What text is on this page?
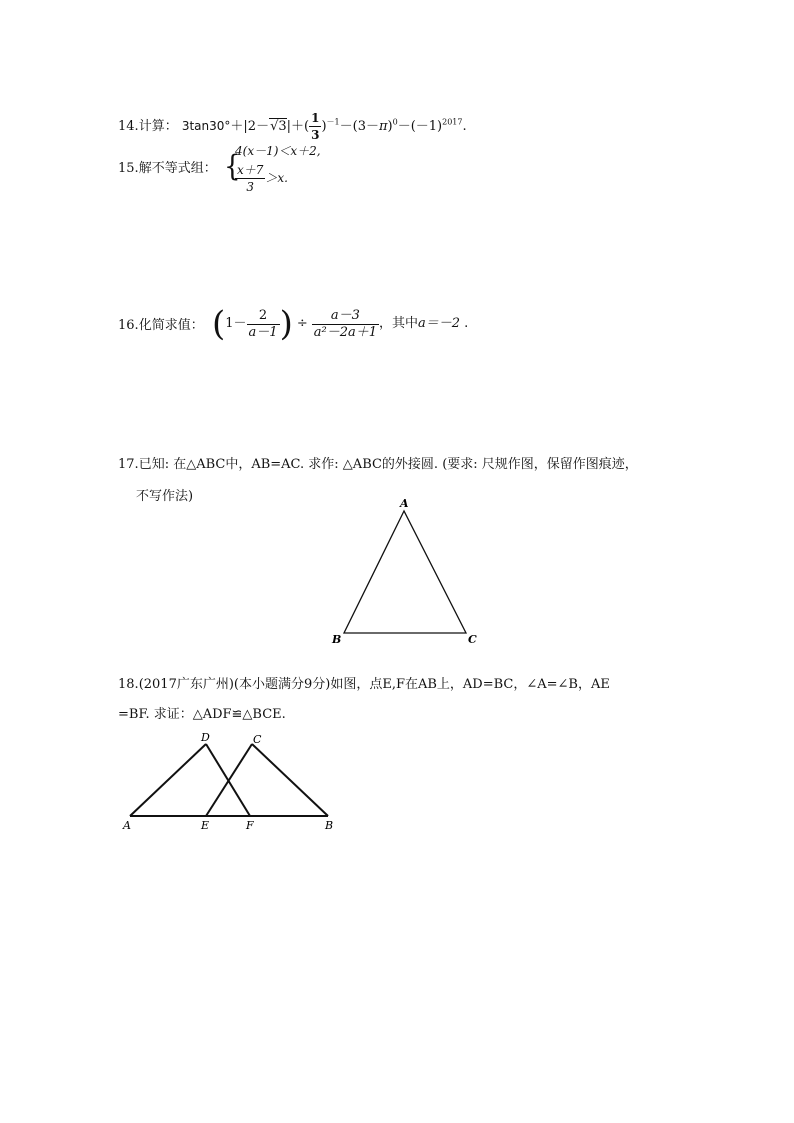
14.计算： $3\tan 30^\circ+|2-√3|+( \frac{1}{3} )^{-1}-(3-\pi)^0-(-1)^{2017}$.
15.解不等式组： {
4(x－1)＜x＋2,
$\frac{x+7}{3} >x$.
16.化简求值： ($1- \frac{2}{a-1}$ ) ÷ $\frac{a-3}{\text{a²－2a＋1}}$ ，其中a＝－2 .
17.已知: 在△ABC中，AB=AC. 求作: △ABC的外接圆. (要求: 尺规作图，保留作图痕迹，
不写作法)	A
B	C
18.(2017广东广州)(本小题满分9分)如图，点E,F在AB上，AD=BC，∠A=∠B，AE
=BF. 求证：△ADF≌△BCE.
D	C
A	E	F	B
